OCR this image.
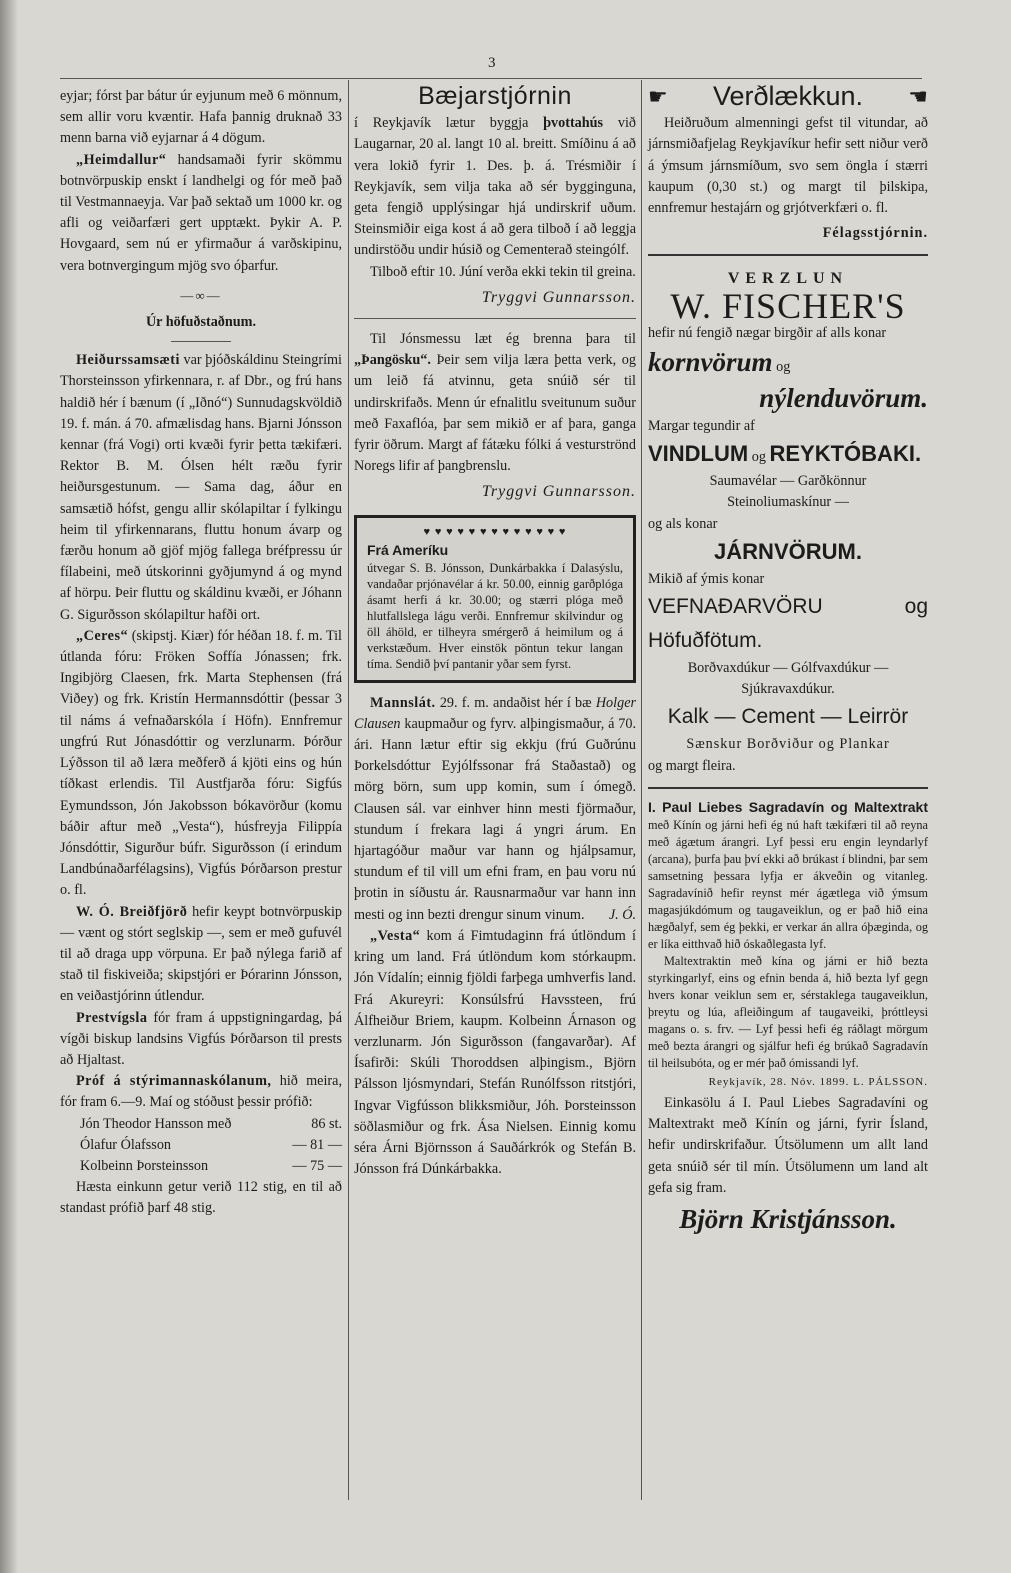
3

eyjar; fórst þar bátur úr eyjunum með 6 mönnum, sem allir voru kvæntir. Hafa þannig druknað 33 menn barna við eyjarnar á 4 dögum.

„Heimdallur“ handsamaði fyrir skömmu botnvörpuskip enskt í landhelgi og fór með það til Vestmannaeyja. Var það sektað um 1000 kr. og afli og veiðarfæri gert upptækt. Þykir A. P. Hovgaard, sem nú er yfirmaður á varðskipinu, vera botnvergingum mjög svo óþarfur.

—∞—
Úr höfuðstaðnum.

Heiðurssamsæti var þjóðskáldinu Steingrími Thorsteinsson yfirkennara, r. af Dbr., og frú hans haldið hér í bænum (í „Iðnó“) Sunnudagskvöldið 19. f. mán. á 70. afmælisdag hans. Bjarni Jónsson kennar (frá Vogi) orti kvæði fyrir þetta tækifæri. Rektor B. M. Ólsen hélt ræðu fyrir heiðursgestunum. — Sama dag, áður en samsætið hófst, gengu allir skólapiltar í fylkingu heim til yfirkennarans, fluttu honum ávarp og færðu honum að gjöf mjög fallega bréfpressu úr fílabeini, með útskorinni gyðjumynd á og mynd af hörpu. Þeir fluttu og skáldinu kvæði, er Jóhann G. Sigurðsson skólapiltur hafði ort.

„Ceres“ (skipstj. Kiær) fór héðan 18. f. m. Til útlanda fóru: Fröken Soffía Jónassen; frk. Ingibjörg Claesen, frk. Marta Stephensen (frá Viðey) og frk. Kristín Hermannsdóttir (þessar 3 til náms á vefnaðarskóla í Höfn). Ennfremur ungfrú Rut Jónasdóttir og verzlunarm. Þórður Lýðsson til að læra meðferð á kjöti eins og hún tíðkast erlendis. Til Austfjarða fóru: Sigfús Eymundsson, Jón Jakobsson bókavörður (komu báðir aftur með „Vesta“), húsfreyja Filippía Jónsdóttir, Sigurður búfr. Sigurðsson (í erindum Landbúnaðarfélagsins), Vigfús Þórðarson prestur o. fl.

W. Ó. Breiðfjörð hefir keypt botnvörpuskip — vænt og stórt seglskip —, sem er með gufuvél til að draga upp vörpuna. Er það nýlega farið af stað til fiskiveiða; skipstjóri er Þórarinn Jónsson, en veiðastjórinn útlendur.

Prestvígsla fór fram á uppstigningardag, þá vígði biskup landsins Vigfús Þórðarson til prests að Hjaltast.

Próf á stýrimannaskólanum, hið meira, fór fram 6.—9. Maí og stóðust þessir prófið:

Jón Theodor Hansson með	86 st.
Ólafur Ólafsson	— 81 —
Kolbeinn Þorsteinsson	— 75 —

Hæsta einkunn getur verið 112 stig, en til að standast prófið þarf 48 stig.

Bæjarstjórnin

í Reykjavík lætur byggja þvottahús við Laugarnar, 20 al. langt 10 al. breitt. Smíðinu á að vera lokið fyrir 1. Des. þ. á. Trésmiðir í Reykjavík, sem vilja taka að sér bygginguna, geta fengið upplýsingar hjá undirskrif uðum. Steinsmiðir eiga kost á að gera tilboð í að leggja undirstöðu undir húsið og Cementerað steingólf.

Tilboð eftir 10. Júní verða ekki tekin til greina.

Tryggvi Gunnarsson.

Til Jónsmessu læt ég brenna þara til „Þangösku“. Þeir sem vilja læra þetta verk, og um leið fá atvinnu, geta snúið sér til undirskrifaðs. Menn úr efnalitlu sveitunum suður með Faxaflóa, þar sem mikið er af þara, ganga fyrir öðrum. Margt af fátæku fólki á vesturströnd Noregs lifir af þangbrenslu.

Tryggvi Gunnarsson.
♥ ♥ ♥ ♥ ♥ ♥ ♥ ♥ ♥ ♥ ♥ ♥ ♥
Frá Ameríku
útvegar S. B. Jónsson, Dunkárbakka í Dalasýslu, vandaðar prjónavélar á kr. 50.00, einnig garðplóga ásamt herfi á kr. 30.00; og stærri plóga með hlutfallslega lágu verði. Ennfremur skilvindur og öll áhöld, er tilheyra smérgerð á heimilum og á verkstæðum. Hver einstök pöntun tekur langan tíma. Sendið því pantanir yðar sem fyrst.

Mannslát. 29. f. m. andaðist hér í bæ Holger Clausen kaupmaður og fyrv. alþingismaður, á 70. ári. Hann lætur eftir sig ekkju (frú Guðrúnu Þorkelsdóttur Eyjólfssonar frá Staðastað) og mörg börn, sum upp komin, sum í ómegð. Clausen sál. var einhver hinn mesti fjörmaður, stundum í frekara lagi á yngri árum. En hjartagóður maður var hann og hjálpsamur, stundum ef til vill um efni fram, en þau voru nú þrotin in síðustu ár. Rausnarmaður var hann inn mesti og inn bezti drengur sinum vinum.	J. Ó.

„Vesta“ kom á Fimtudaginn frá útlöndum í kring um land. Frá útlöndum kom stórkaupm. Jón Vídalín; einnig fjöldi farþega umhverfis land. Frá Akureyri: Konsúlsfrú Havssteen, frú Álfheiður Briem, kaupm. Kolbeinn Árnason og verzlunarm. Jón Sigurðsson (fangavarðar). Af Ísafirði: Skúli Thoroddsen alþingism., Björn Pálsson ljósmyndari, Stefán Runólfsson ritstjóri, Ingvar Vigfússon blikksmiður, Jóh. Þorsteinsson söðlasmiður og frk. Ása Nielsen. Einnig komu séra Árni Björnsson á Sauðárkrók og Stefán B. Jónsson frá Dúnkárbakka.

☛ Verðlækkun. ☚

Heiðruðum almenningi gefst til vitundar, að járnsmiðafjelag Reykjavíkur hefir sett niður verð á ýmsum járnsmíðum, svo sem önglа í stærri kaupum (0,30 st.) og margt til þilskipa, ennfremur hestajárn og grjótverkfæri o. fl.

Félagsstjórnin.
VERZLUN
W. FISCHER'S

hefir nú fengið nægar birgðir af alls konar

kornvörum og

nýlenduvörum.

Margar tegundir af

VINDLUM og REYKTÓBAKI.

Saumavélar — Garðkönnur

Steinoliumaskínur —

og als konar

JÁRNVÖRUM.

Mikið af ýmis konar

VEFNAÐARVÖRU og Höfuðfötum.

Borðvaxdúkur — Gólfvaxdúkur —

Sjúkravaxdúkur.

Kalk — Cement — Leirrör

Sænskur Borðviður og Plankar

og margt fleira.

I. Paul Liebes Sagradavín og Maltextrakt með Kínín og járni hefi ég nú haft tækifæri til að reyna með ágætum árangri. Lyf þessi eru engin leyndarlyf (arcana), þurfa þau því ekki að brúkast í blindni, þar sem samsetning þessara lyfja er ákveðin og vitanleg. Sagradavínið hefir reynst mér ágætlega við ýmsum magasjúkdómum og taugaveiklun, og er það hið eina hægðalyf, sem ég þekki, er verkar án allra óþæginda, og er líka eitthvað hið óskaðlegasta lyf.

Maltextraktin með kína og járni er hið bezta styrkingarlyf, eins og efnin benda á, hið bezta lyf gegn hvers konar veiklun sem er, sérstaklega taugaveiklun, þreytu og lúa, afleiðingum af taugaveiki, þróttleysi magans o. s. frv. — Lyf þessi hefi ég ráðlagt mörgum með bezta árangri og sjálfur hefi ég brúkað Sagradavín til heilsubóta, og er mér það ómissandi lyf.

Reykjavík, 28. Nóv. 1899. L. PÁLSSON.

Einkasölu á I. Paul Liebes Sagradavíni og Maltextrakt með Kínín og járni, fyrir Ísland, hefir undirskrifaður. Útsölumenn um allt land geta snúið sér til mín. Útsölumenn um land alt gefa sig fram.

Björn Kristjánsson.
